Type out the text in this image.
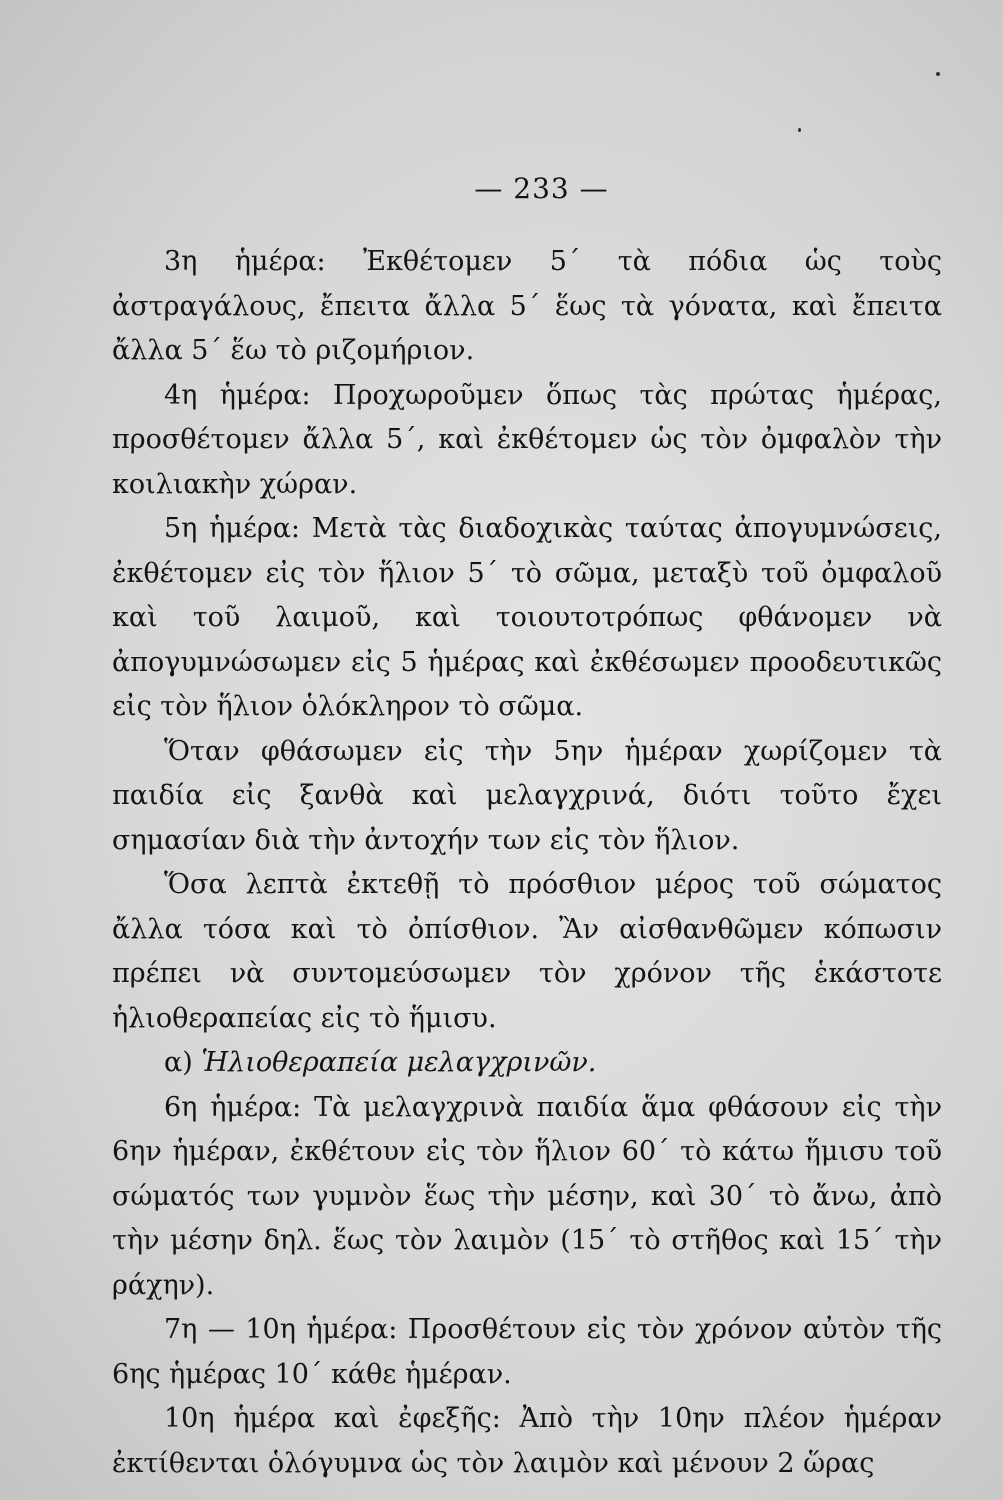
— 233 —

3η ἡμέρα: Ἐκθέτομεν 5΄ τὰ πόδια ὡς τοὺς ἀστραγάλους, ἔπειτα ἄλλα 5΄ ἕως τὰ γόνατα, καὶ ἔπειτα ἄλλα 5΄ ἕω τὸ ριζομήριον.

4η ἡμέρα: Προχωροῦμεν ὅπως τὰς πρώτας ἡμέρας, προσθέτομεν ἄλλα 5΄, καὶ ἐκθέτομεν ὡς τὸν ὀμφαλὸν τὴν κοιλιακὴν χώραν.

5η ἡμέρα: Μετὰ τὰς διαδοχικὰς ταύτας ἀπογυμνώσεις, ἐκθέτομεν εἰς τὸν ἥλιον 5΄ τὸ σῶμα, μεταξὺ τοῦ ὀμφαλοῦ καὶ τοῦ λαιμοῦ, καὶ τοιουτοτρόπως φθάνομεν νὰ ἀπογυμνώσωμεν εἰς 5 ἡμέρας καὶ ἐκθέσωμεν προοδευτικῶς εἰς τὸν ἥλιον ὁλόκληρον τὸ σῶμα.

Ὅταν φθάσωμεν εἰς τὴν 5ην ἡμέραν χωρίζομεν τὰ παιδία εἰς ξανθὰ καὶ μελαγχρινά, διότι τοῦτο ἔχει σημασίαν διὰ τὴν ἀντοχήν των εἰς τὸν ἥλιον.

Ὅσα λεπτὰ ἐκτεθῇ τὸ πρόσθιον μέρος τοῦ σώματος ἄλλα τόσα καὶ τὸ ὀπίσθιον. Ἂν αἰσθανθῶμεν κόπωσιν πρέπει νὰ συντομεύσωμεν τὸν χρόνον τῆς ἑκάστοτε ἡλιοθεραπείας εἰς τὸ ἥμισυ.

α) Ἡλιοθεραπεία μελαγχρινῶν.

6η ἡμέρα: Τὰ μελαγχρινὰ παιδία ἅμα φθάσουν εἰς τὴν 6ην ἡμέραν, ἐκθέτουν εἰς τὸν ἥλιον 60΄ τὸ κάτω ἥμισυ τοῦ σώματός των γυμνὸν ἕως τὴν μέσην, καὶ 30΄ τὸ ἄνω, ἀπὸ τὴν μέσην δηλ. ἕως τὸν λαιμὸν (15΄ τὸ στῆθος καὶ 15΄ τὴν ράχην).

7η — 10η ἡμέρα: Προσθέτουν εἰς τὸν χρόνον αὐτὸν τῆς 6ης ἡμέρας 10΄ κάθε ἡμέραν.

10η ἡμέρα καὶ ἐφεξῆς: Ἀπὸ τὴν 10ην πλέον ἡμέραν ἐκτίθενται ὁλόγυμνα ὡς τὸν λαιμὸν καὶ μένουν 2 ὥρας
